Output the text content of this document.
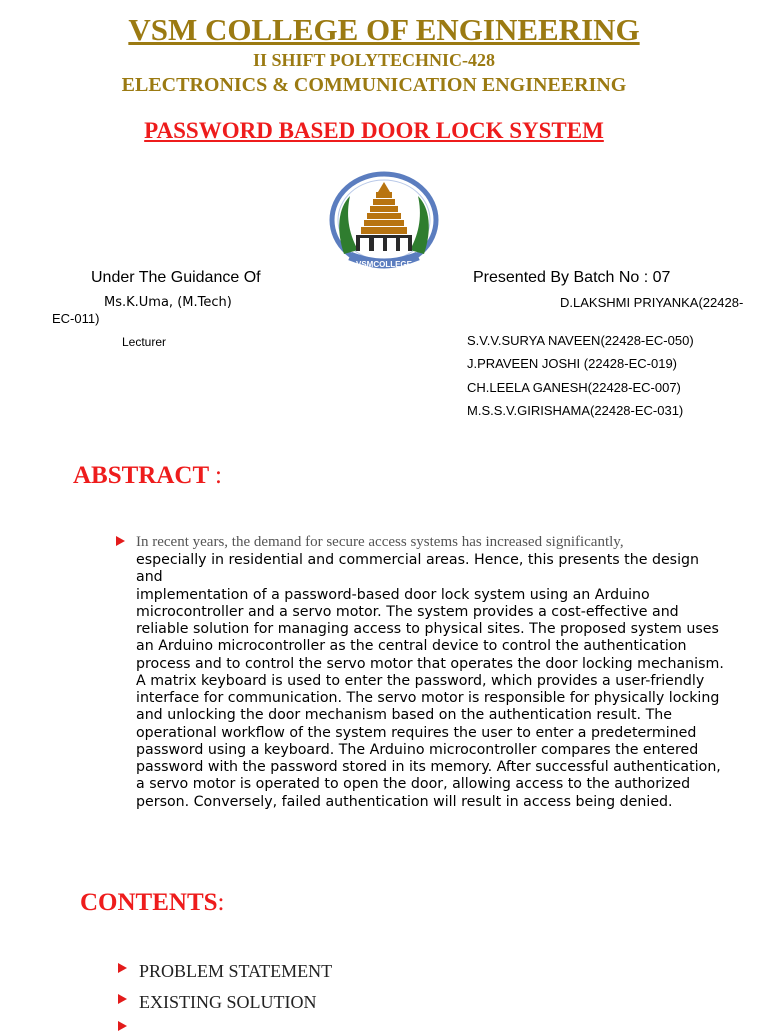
VSM COLLEGE OF ENGINEERING
II SHIFT POLYTECHNIC-428
ELECTRONICS & COMMUNICATION ENGINEERING
PASSWORD BASED DOOR LOCK SYSTEM
VSMCOLLEGE
Under The Guidance Of	Presented By Batch No : 07
Ms.K.Uma, (M.Tech)
Lecturer
D.LAKSHMI PRIYANKA(22428-
EC-011)
S.V.V.SURYA NAVEEN(22428-EC-050)
J.PRAVEEN JOSHI (22428-EC-019)
CH.LEELA GANESH(22428-EC-007)
M.S.S.V.GIRISHAMA(22428-EC-031)
ABSTRACT :
In recent years, the demand for secure access systems has increased significantly,
especially in residential and commercial areas. Hence, this presents the design
and
implementation of a password-based door lock system using an Arduino
microcontroller and a servo motor. The system provides a cost-effective and
reliable solution for managing access to physical sites. The proposed system uses
an Arduino microcontroller as the central device to control the authentication
process and to control the servo motor that operates the door locking mechanism.
A matrix keyboard is used to enter the password, which provides a user-friendly
interface for communication. The servo motor is responsible for physically locking
and unlocking the door mechanism based on the authentication result. The
operational workflow of the system requires the user to enter a predetermined
password using a keyboard. The Arduino microcontroller compares the entered
password with the password stored in its memory. After successful authentication,
a servo motor is operated to open the door, allowing access to the authorized
person. Conversely, failed authentication will result in access being denied.
CONTENTS:
PROBLEM STATEMENT
EXISTING SOLUTION
